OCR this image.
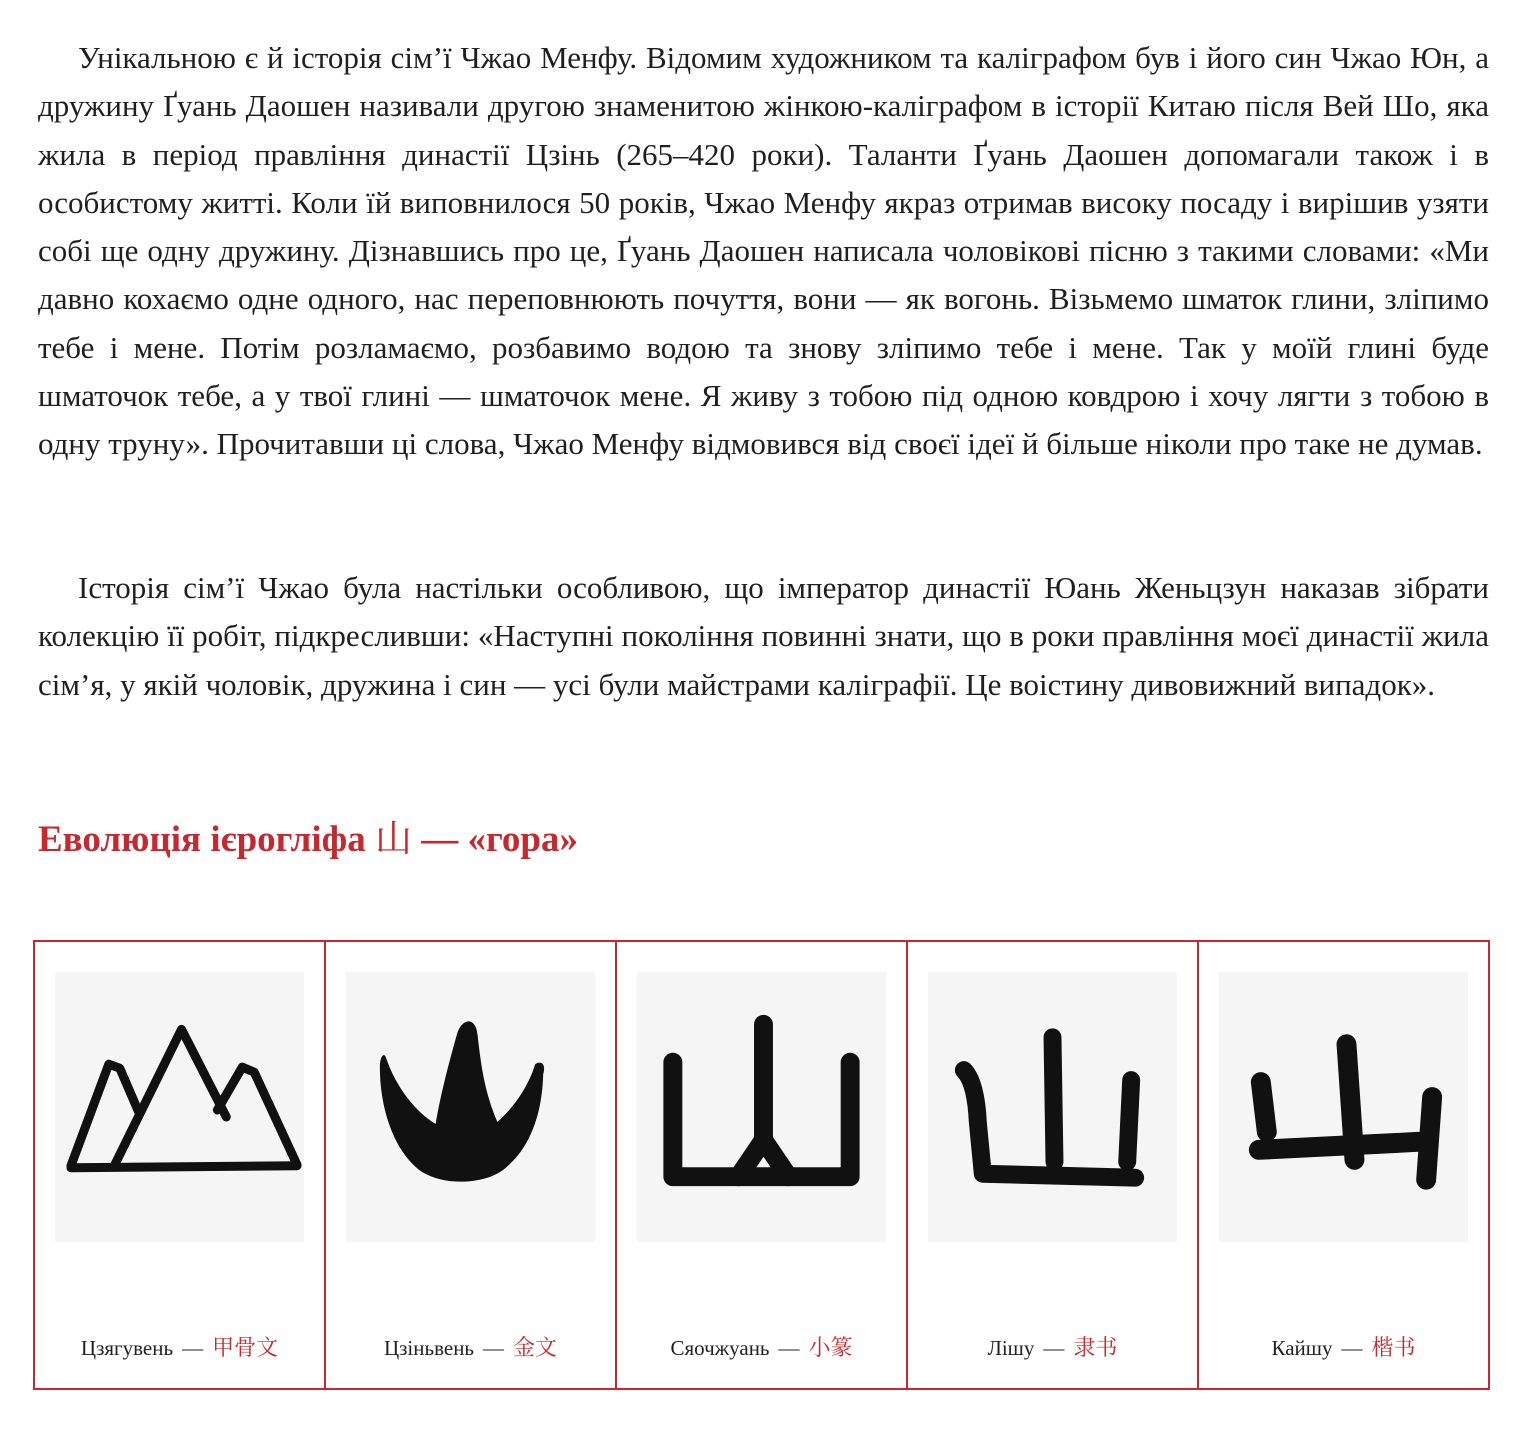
Унікальною є й історія сім’ї Чжао Менфу. Відомим художником та каліграфом був і його син Чжао Юн, а дружину Ґуань Даошен називали другою знаменитою жінкою-каліграфом в історії Китаю після Вей Шо, яка жила в період правління династії Цзінь (265–420 роки). Таланти Ґуань Даошен допомагали також і в особистому житті. Коли їй виповнилося 50 років, Чжао Менфу якраз отримав високу посаду і вирішив узяти собі ще одну дружину. Дізнавшись про це, Ґуань Даошен написала чоловікові пісню з такими словами: «Ми давно кохаємо одне одного, нас переповнюють почуття, вони — як вогонь. Візьмемо шматок глини, зліпимо тебе і мене. Потім розламаємо, розбавимо водою та знову зліпимо тебе і мене. Так у моїй глині буде шматочок тебе, а у твої глині — шматочок мене. Я живу з тобою під одною ковдрою і хочу лягти з тобою в одну труну». Прочитавши ці слова, Чжао Менфу відмовився від своєї ідеї й більше ніколи про таке не думав.

Історія сім’ї Чжао була настільки особливою, що імператор династії Юань Женьцзун наказав зібрати колекцію її робіт, підкресливши: «Наступні покоління повинні знати, що в роки правління моєї династії жила сім’я, у якій чоловік, дружина і син — усі були майстрами каліграфії. Це воістину дивовижний випадок».

Еволюція ієрогліфа 山 — «гора»
Цзягувень — 甲骨文	Цзіньвень — 金文	Сяочжуань — 小篆	Лішу — 隶书	Кайшу — 楷书
